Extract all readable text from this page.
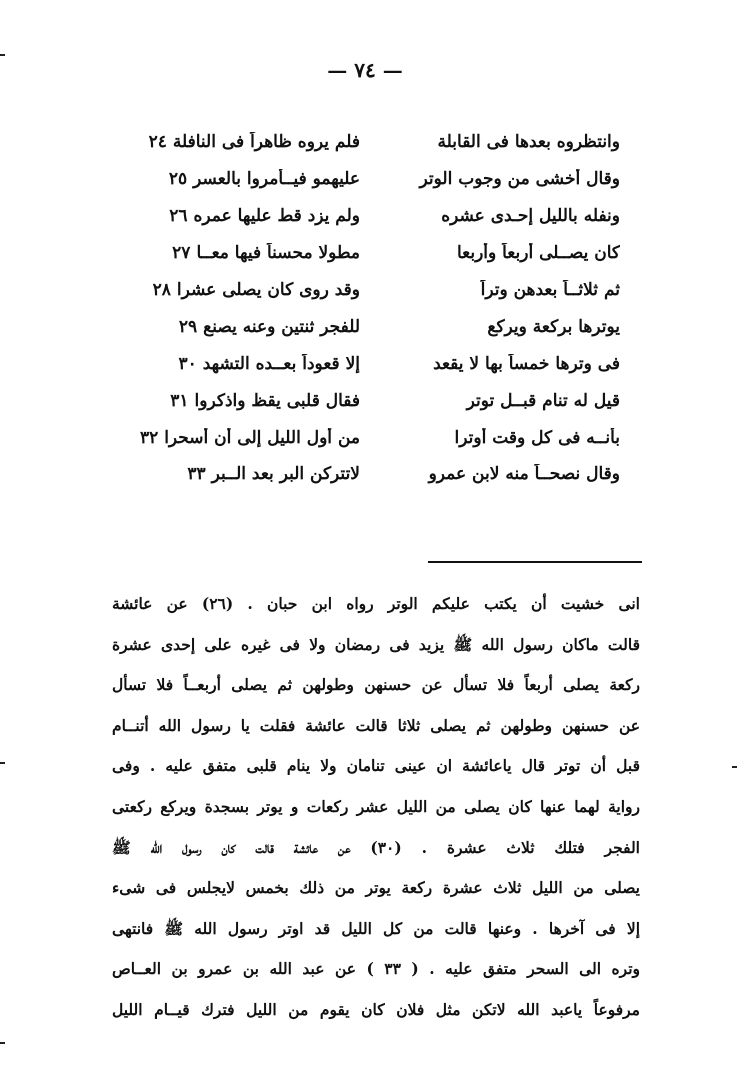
— ٧٤ —
وانتظروه بعدها فى القابلة
فلم يروه ظاهراً فى النافلة٢٤
وقال أخشى من وجوب الوتر
عليهمو فيــأمروا بالعسر٢٥
ونفله بالليل إحـدى عشره
ولم يزد قط عليها عمره٢٦
كان يصــلى أربعاً وأربعا
مطولا محسناً فيها معــا٢٧
ثم ثلاثــاً بعدهن وتراً
وقد روى كان يصلى عشرا٢٨
يوترها بركعة ويركع
للفجر ثنتين وعنه يصنع٢٩
فى وترها خمساً بها لا يقعد
إلا قعوداً بعــده التشهد٣٠
قيل له تنام قبــل توتر
فقال قلبى يقظ واذكروا٣١
بأنــه فى كل وقت أوترا
من أول الليل إلى أن أسحرا٣٢
وقال نصحــاً منه لابن عمرو
لاتتركن البر بعد الــبر٣٣
انى خشيت أن يكتب عليكم الوتر رواه ابن حبان . (٢٦) عن عائشة
قالت ماكان رسول الله ﷺ يزيد فى رمضان ولا فى غيره على إحدى عشرة
ركعة يصلى أربعاً فلا تسأل عن حسنهن وطولهن ثم يصلى أربعــاً فلا تسأل
عن حسنهن وطولهن ثم يصلى ثلاثا قالت عائشة فقلت يا رسول الله أتنــام
قبل أن توتر قال ياعائشة ان عينى تنامان ولا ينام قلبى متفق عليه . وفى
رواية لهما عنها كان يصلى من الليل عشر ركعات و يوتر بسجدة ويركع ركعتى
الفجر فتلك ثلاث عشرة . (٣٠) عن عائشة قالت كان رسول الله ﷺ
يصلى من الليل ثلاث عشرة ركعة يوتر من ذلك بخمس لايجلس فى شىء
إلا فى آخرها . وعنها قالت من كل الليل قد اوتر رسول الله ﷺ فانتهى
وتره الى السحر متفق عليه . ( ٣٣ ) عن عبد الله بن عمرو بن العــاص
مرفوعاً ياعبد الله لاتكن مثل فلان كان يقوم من الليل فترك قيــام الليل
